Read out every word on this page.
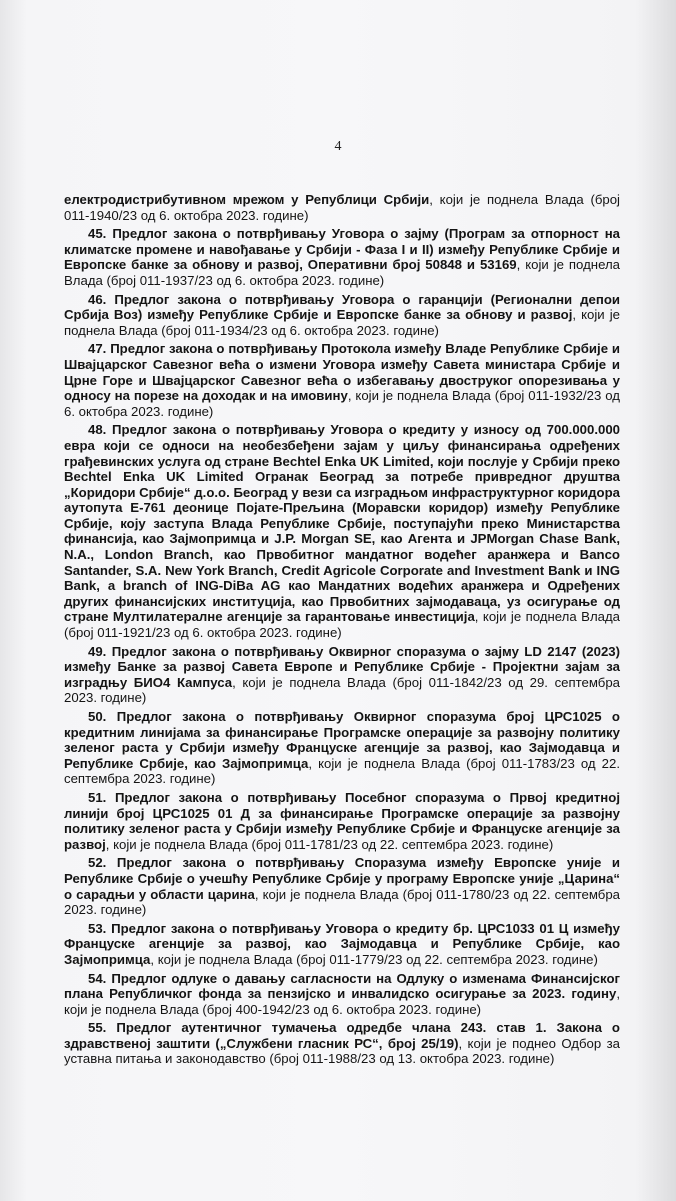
4

електродистрибутивном мрежом у Републици Србији, који је поднела Влада (број 011-1940/23 од 6. октобра 2023. године)

45. Предлог закона о потврђивању Уговора о зајму (Програм за отпорност на климатске промене и навођавање у Србији - Фаза I и II) између Републике Србије и Европске банке за обнову и развој, Оперативни број 50848 и 53169, који је поднела Влада (број 011-1937/23 од 6. октобра 2023. године)

46. Предлог закона о потврђивању Уговора о гаранцији (Регионални депои Србија Воз) између Републике Србије и Европске банке за обнову и развој, који је поднела Влада (број 011-1934/23 од 6. октобра 2023. године)

47. Предлог закона о потврђивању Протокола између Владе Републике Србије и Швајцарског Савезног већа о измени Уговора између Савета министара Србије и Црне Горе и Швајцарског Савезног већа о избегавању двоструког опорезивања у односу на порезе на доходак и на имовину, који је поднела Влада (број 011-1932/23 од 6. октобра 2023. године)

48. Предлог закона о потврђивању Уговора о кредиту у износу од 700.000.000 евра који се односи на необезбеђени зајам у циљу финансирања одређених грађевинских услуга од стране Bechtel Enka UK Limited, који послује у Србији преко Bechtel Enka UK Limited Огранак Београд за потребе привредног друштва „Коридори Србије“ д.о.о. Београд у вези са изградњом инфраструктурног коридора аутопута Е-761 деонице Појате-Прељина (Моравски коридор) између Републике Србије, коју заступа Влада Републике Србије, поступајући преко Министарства финансија, као Зајмопримца и J.P. Morgan SE, као Агента и JPMorgan Chase Bank, N.A., London Branch, као Првобитног мандатног водећег аранжера и Banco Santander, S.A. New York Branch, Credit Agricole Corporate and Investment Bank и ING Bank, a branch of ING-DiBa AG као Мандатних водећих аранжера и Одређених других финансијских институција, као Првобитних зајмодаваца, уз осигурање од стране Мултилатералне агенције за гарантовање инвестиција, који је поднела Влада (број 011-1921/23 од 6. октобра 2023. године)

49. Предлог закона о потврђивању Оквирног споразума о зајму LD 2147 (2023) између Банке за развој Савета Европе и Републике Србије - Пројектни зајам за изградњу БИО4 Кампуса, који је поднела Влада (број 011-1842/23 од 29. септембра 2023. године)

50. Предлог закона о потврђивању Оквирног споразума број ЦРС1025 о кредитним линијама за финансирање Програмске операције за развојну политику зеленог раста у Србији између Француске агенције за развој, као Зајмодавца и Републике Србије, као Зајмопримца, који је поднела Влада (број 011-1783/23 од 22. септембра 2023. године)

51. Предлог закона о потврђивању Посебног споразума о Првој кредитној линији број ЦРС1025 01 Д за финансирање Програмске операције за развојну политику зеленог раста у Србији између Републике Србије и Француске агенције за развој, који је поднела Влада (број 011-1781/23 од 22. септембра 2023. године)

52. Предлог закона о потврђивању Споразума између Европске уније и Републике Србије о учешћу Републике Србије у програму Европске уније „Царина“ о сарадњи у области царина, који је поднела Влада (број 011-1780/23 од 22. септембра 2023. године)

53. Предлог закона о потврђивању Уговора о кредиту бр. ЦРС1033 01 Ц између Француске агенције за развој, као Зајмодавца и Републике Србије, као Зајмопримца, који је поднела Влада (број 011-1779/23 од 22. септембра 2023. године)

54. Предлог одлуке о давању сагласности на Одлуку о изменама Финансијског плана Републичког фонда за пензијско и инвалидско осигурање за 2023. годину, који је поднела Влада (број 400-1942/23 од 6. октобра 2023. године)

55. Предлог аутентичног тумачења одредбе члана 243. став 1. Закона о здравственој заштити („Службени гласник РС“, број 25/19), који је поднео Одбор за уставна питања и законодавство (број 011-1988/23 од 13. октобра 2023. године)
